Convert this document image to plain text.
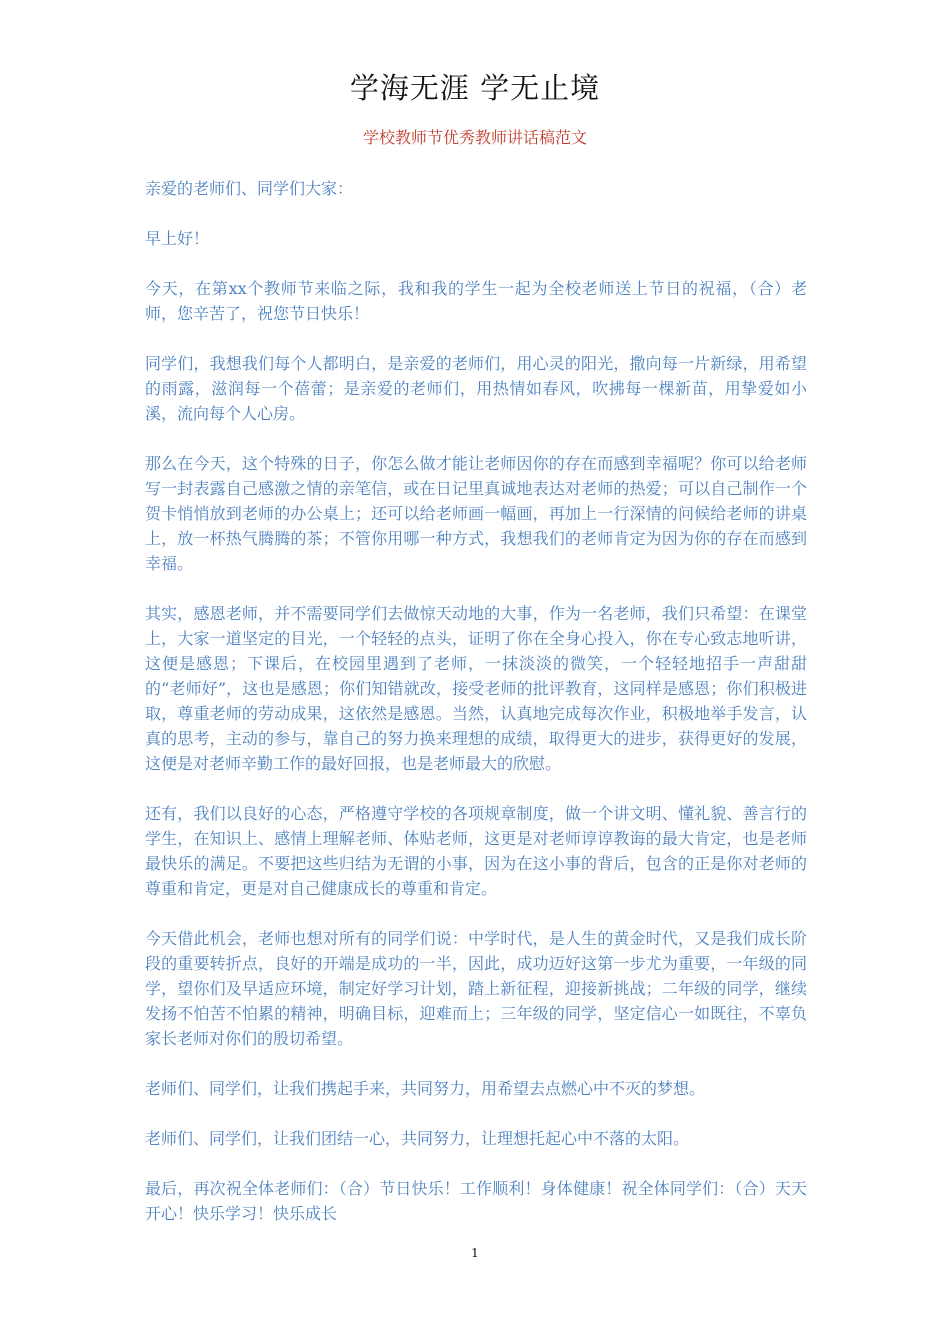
学海无涯 学无止境
学校教师节优秀教师讲话稿范文

亲爱的老师们、同学们大家：

早上好！

今天，在第xx个教师节来临之际，我和我的学生一起为全校老师送上节日的祝福，（合）老师，您辛苦了，祝您节日快乐！

同学们，我想我们每个人都明白，是亲爱的老师们，用心灵的阳光，撒向每一片新绿，用希望的雨露，滋润每一个蓓蕾；是亲爱的老师们，用热情如春风，吹拂每一棵新苗，用挚爱如小溪，流向每个人心房。

那么在今天，这个特殊的日子，你怎么做才能让老师因你的存在而感到幸福呢？你可以给老师写一封表露自己感激之情的亲笔信，或在日记里真诚地表达对老师的热爱；可以自己制作一个贺卡悄悄放到老师的办公桌上；还可以给老师画一幅画，再加上一行深情的问候给老师的讲桌上，放一杯热气腾腾的茶；不管你用哪一种方式，我想我们的老师肯定为因为你的存在而感到幸福。

其实，感恩老师，并不需要同学们去做惊天动地的大事，作为一名老师，我们只希望：在课堂上，大家一道坚定的目光，一个轻轻的点头，证明了你在全身心投入，你在专心致志地听讲，这便是感恩；下课后，在校园里遇到了老师，一抹淡淡的微笑，一个轻轻地招手一声甜甜的“老师好”，这也是感恩；你们知错就改，接受老师的批评教育，这同样是感恩；你们积极进取，尊重老师的劳动成果，这依然是感恩。当然，认真地完成每次作业，积极地举手发言，认真的思考，主动的参与，靠自己的努力换来理想的成绩，取得更大的进步，获得更好的发展，这便是对老师辛勤工作的最好回报，也是老师最大的欣慰。

还有，我们以良好的心态，严格遵守学校的各项规章制度，做一个讲文明、懂礼貌、善言行的学生，在知识上、感情上理解老师、体贴老师，这更是对老师谆谆教诲的最大肯定，也是老师最快乐的满足。不要把这些归结为无谓的小事，因为在这小事的背后，包含的正是你对老师的尊重和肯定，更是对自己健康成长的尊重和肯定。

今天借此机会，老师也想对所有的同学们说：中学时代，是人生的黄金时代，又是我们成长阶段的重要转折点，良好的开端是成功的一半，因此，成功迈好这第一步尤为重要，一年级的同学，望你们及早适应环境，制定好学习计划，踏上新征程，迎接新挑战；二年级的同学，继续发扬不怕苦不怕累的精神，明确目标，迎难而上；三年级的同学，坚定信心一如既往，不辜负家长老师对你们的殷切希望。

老师们、同学们，让我们携起手来，共同努力，用希望去点燃心中不灭的梦想。

老师们、同学们，让我们团结一心，共同努力，让理想托起心中不落的太阳。

最后，再次祝全体老师们：（合）节日快乐！工作顺利！身体健康！祝全体同学们：（合）天天开心！快乐学习！快乐成长

1
